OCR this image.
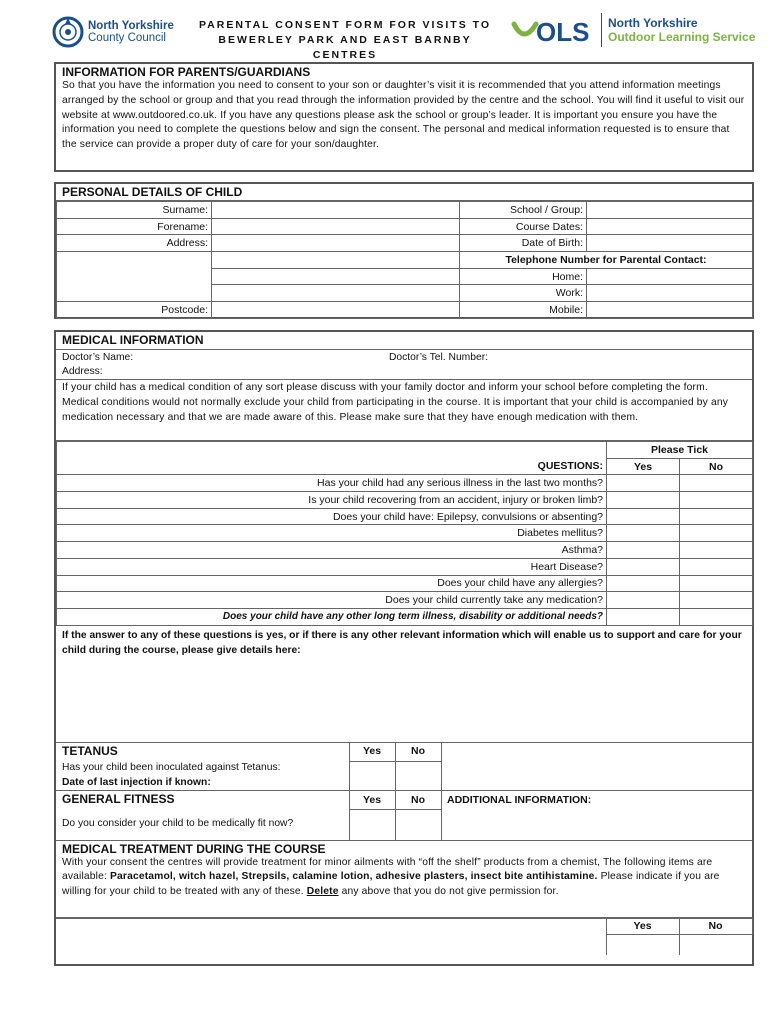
North Yorkshire
County Council
PARENTAL CONSENT FORM FOR VISITS TO
BEWERLEY PARK AND EAST BARNBY CENTRES
OLS North Yorkshire
Outdoor Learning Service
INFORMATION FOR PARENTS/GUARDIANS
So that you have the information you need to consent to your son or daughter’s visit it is recommended that you attend information meetings arranged by the school or group and that you read through the information provided by the centre and the school. You will find it useful to visit our website at www.outdoored.co.uk. If you have any questions please ask the school or group’s leader. It is important you ensure you have the information you need to complete the questions below and sign the consent. The personal and medical information requested is to ensure that the service can provide a proper duty of care for your son/daughter.
PERSONAL DETAILS OF CHILD
Surname:		School / Group:	
Forename:		Course Dates:	
Address:		Date of Birth:	
		Telephone Number for Parental Contact:	
		Home:	
		Work:	
Postcode:		Mobile:	
MEDICAL INFORMATION
Doctor’s Name:
Address:
Doctor’s Tel. Number:
If your child has a medical condition of any sort please discuss with your family doctor and inform your school before completing the form. Medical conditions would not normally exclude your child from participating in the course. It is important that your child is accompanied by any medication necessary and that we are made aware of this. Please make sure that they have enough medication with them.
	Please Tick	
QUESTIONS:	Yes	No
Has your child had any serious illness in the last two months?		
Is your child recovering from an accident, injury or broken limb?		
Does your child have: Epilepsy, convulsions or absenting?		
Diabetes mellitus?		
Asthma?		
Heart Disease?		
Does your child have any allergies?		
Does your child currently take any medication?		
Does your child have any other long term illness, disability or additional needs?		
If the answer to any of these questions is yes, or if there is any other relevant information which will enable us to support and care for your child during the course, please give details here:
TETANUS	Yes	No
Has your child been inoculated against Tetanus:
Date of last injection if known:
GENERAL FITNESS	Yes	No	ADDITIONAL INFORMATION:
Do you consider your child to be medically fit now?
MEDICAL TREATMENT DURING THE COURSE
With your consent the centres will provide treatment for minor ailments with “off the shelf” products from a chemist, The following items are available: Paracetamol, witch hazel, Strepsils, calamine lotion, adhesive plasters, insect bite antihistamine. Please indicate if you are willing for your child to be treated with any of these. Delete any above that you do not give permission for.
	Yes	No
